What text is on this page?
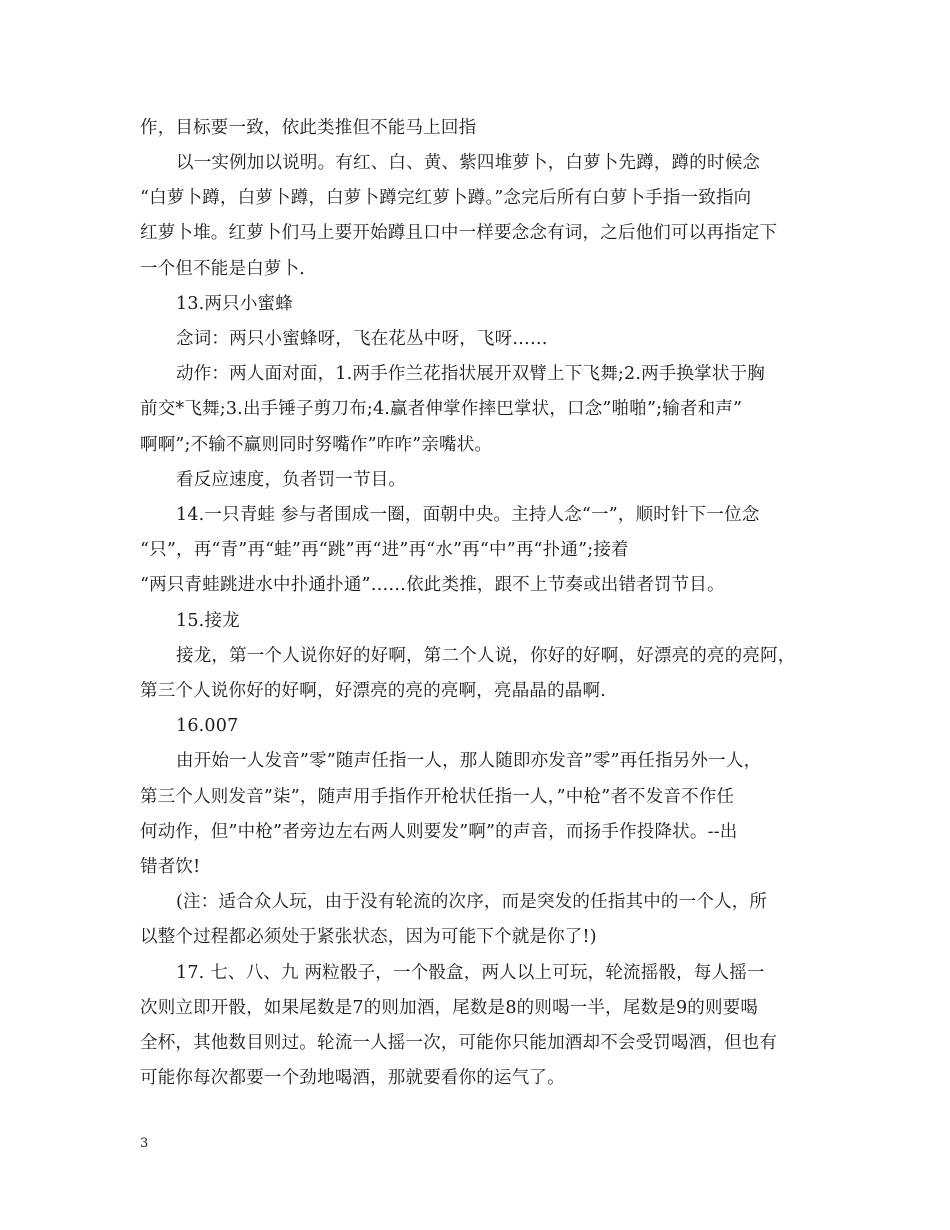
作，目标要一致，依此类推但不能马上回指
以一实例加以说明。有红、白、黄、紫四堆萝卜，白萝卜先蹲，蹲的时候念
“白萝卜蹲，白萝卜蹲，白萝卜蹲完红萝卜蹲。”念完后所有白萝卜手指一致指向
红萝卜堆。红萝卜们马上要开始蹲且口中一样要念念有词，之后他们可以再指定下
一个但不能是白萝卜.
13.两只小蜜蜂
念词：两只小蜜蜂呀，飞在花丛中呀，飞呀……
动作：两人面对面，1.两手作兰花指状展开双臂上下飞舞;2.两手换掌状于胸
前交*飞舞;3.出手锤子剪刀布;4.赢者伸掌作摔巴掌状，口念”啪啪”;输者和声”
啊啊”;不输不赢则同时努嘴作”咋咋”亲嘴状。
看反应速度，负者罚一节目。
14.一只青蛙 参与者围成一圈，面朝中央。主持人念“一”，顺时针下一位念
“只”，再“青”再“蛙”再“跳”再“进”再“水”再“中”再“扑通”;接着
“两只青蛙跳进水中扑通扑通”……依此类推，跟不上节奏或出错者罚节目。
15.接龙
接龙，第一个人说你好的好啊，第二个人说，你好的好啊，好漂亮的亮的亮阿，
第三个人说你好的好啊，好漂亮的亮的亮啊，亮晶晶的晶啊.
16.007
由开始一人发音”零”随声任指一人，那人随即亦发音”零”再任指另外一人，
第三个人则发音”柒”，随声用手指作开枪状任指一人，”中枪”者不发音不作任
何动作，但”中枪”者旁边左右两人则要发”啊”的声音，而扬手作投降状。--出
错者饮!
(注：适合众人玩，由于没有轮流的次序，而是突发的任指其中的一个人，所
以整个过程都必须处于紧张状态，因为可能下个就是你了!)
17. 七、八、九 两粒骰子，一个骰盒，两人以上可玩，轮流摇骰，每人摇一
次则立即开骰，如果尾数是7的则加酒，尾数是8的则喝一半，尾数是9的则要喝
全杯，其他数目则过。轮流一人摇一次，可能你只能加酒却不会受罚喝酒，但也有
可能你每次都要一个劲地喝酒，那就要看你的运气了。
3
